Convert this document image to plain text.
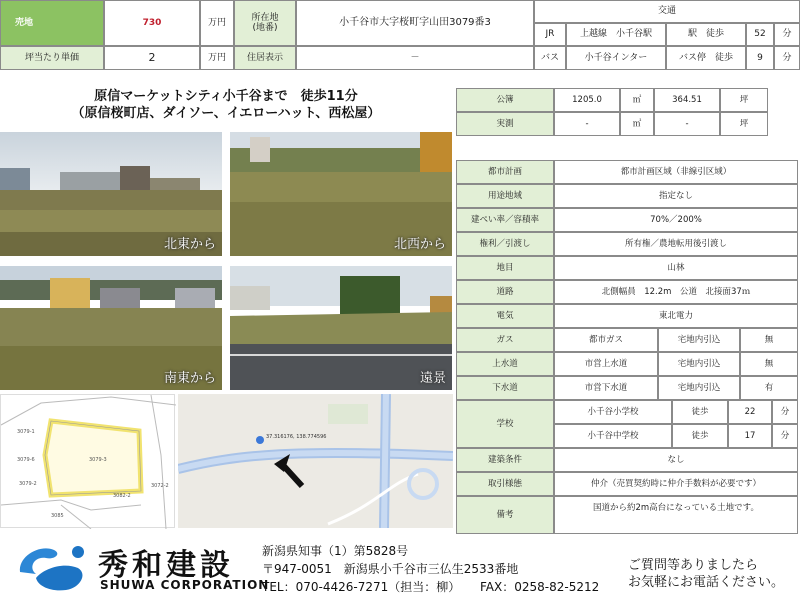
売地	730	万円
所在地
(地番)	小千谷市大字桜町字山田3079番3
坪当たり単価	2	万円	住居表示	－
交通
JR	上越線　小千谷駅	駅　徒歩	52	分
バス	小千谷インター	バス停　徒歩	9	分
原信マーケットシティ小千谷まで　徒歩11分
（原信桜町店、ダイソー、イエローハット、西松屋）
北東から	北西から
南東から	遠景
3079-1
3079-3
3079-6
3079-2
3082-2
3072-2
3085
37.316176, 138.774596
公簿	1205.0	㎡	364.51	坪
実測	-	㎡	-	坪
都市計画	都市計画区域（非線引区域）
用途地域	指定なし
建ぺい率／容積率	70%／200%
権利／引渡し	所有権／農地転用後引渡し
地目	山林
道路	北側幅員　12.2m　公道　北接面37ｍ
電気	東北電力
ガス	都市ガス	宅地内引込	無
上水道	市営上水道	宅地内引込	無
下水道	市営下水道	宅地内引込	有
学校
小千谷小学校	徒歩	22	分
小千谷中学校	徒歩	17	分
建築条件	なし
取引様態	仲介（売買契約時に仲介手数料が必要です）
備考
国道から約2m高台になっている土地です。
秀和建設
SHUWA CORPORATION
新潟県知事（1）第5828号
〒947-0051　新潟県小千谷市三仏生2533番地
TEL：070-4426-7271（担当：柳） FAX：0258-82-5212
ご質問等ありましたら
お気軽にお電話ください。
